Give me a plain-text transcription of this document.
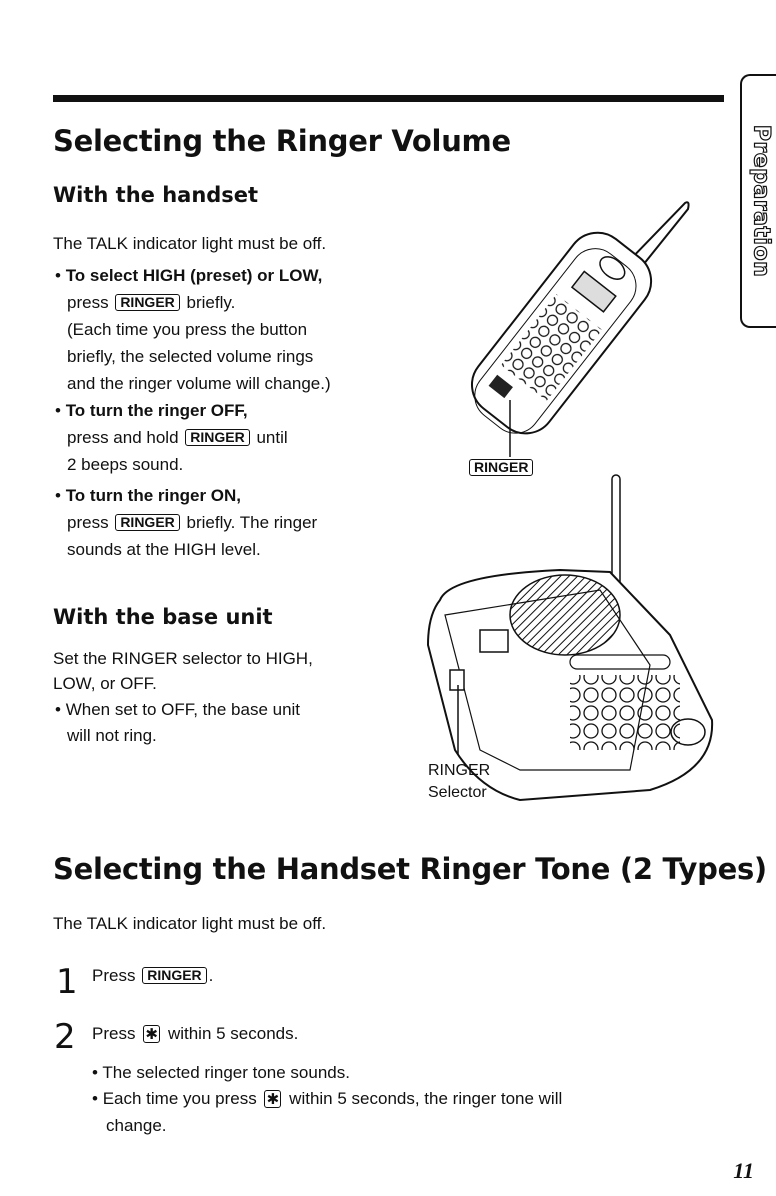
Preparation
Selecting the Ringer Volume
With the handset

The TALK indicator light must be off.

• To select HIGH (preset) or LOW,

press RINGER briefly.

(Each time you press the button

briefly, the selected volume rings

and the ringer volume will change.)

• To turn the ringer OFF,

press and hold RINGER until

2 beeps sound.

• To turn the ringer ON,

press RINGER briefly. The ringer

sounds at the HIGH level.

With the base unit

Set the RINGER selector to HIGH,

LOW, or OFF.

• When set to OFF, the base unit

will not ring.

RINGER
RINGER
Selector
Selecting the Handset Ringer Tone (2 Types)

The TALK indicator light must be off.

1 Press RINGER .

2 Press ✱ within 5 seconds.

• The selected ringer tone sounds.

• Each time you press ✱ within 5 seconds, the ringer tone will

change.

11
